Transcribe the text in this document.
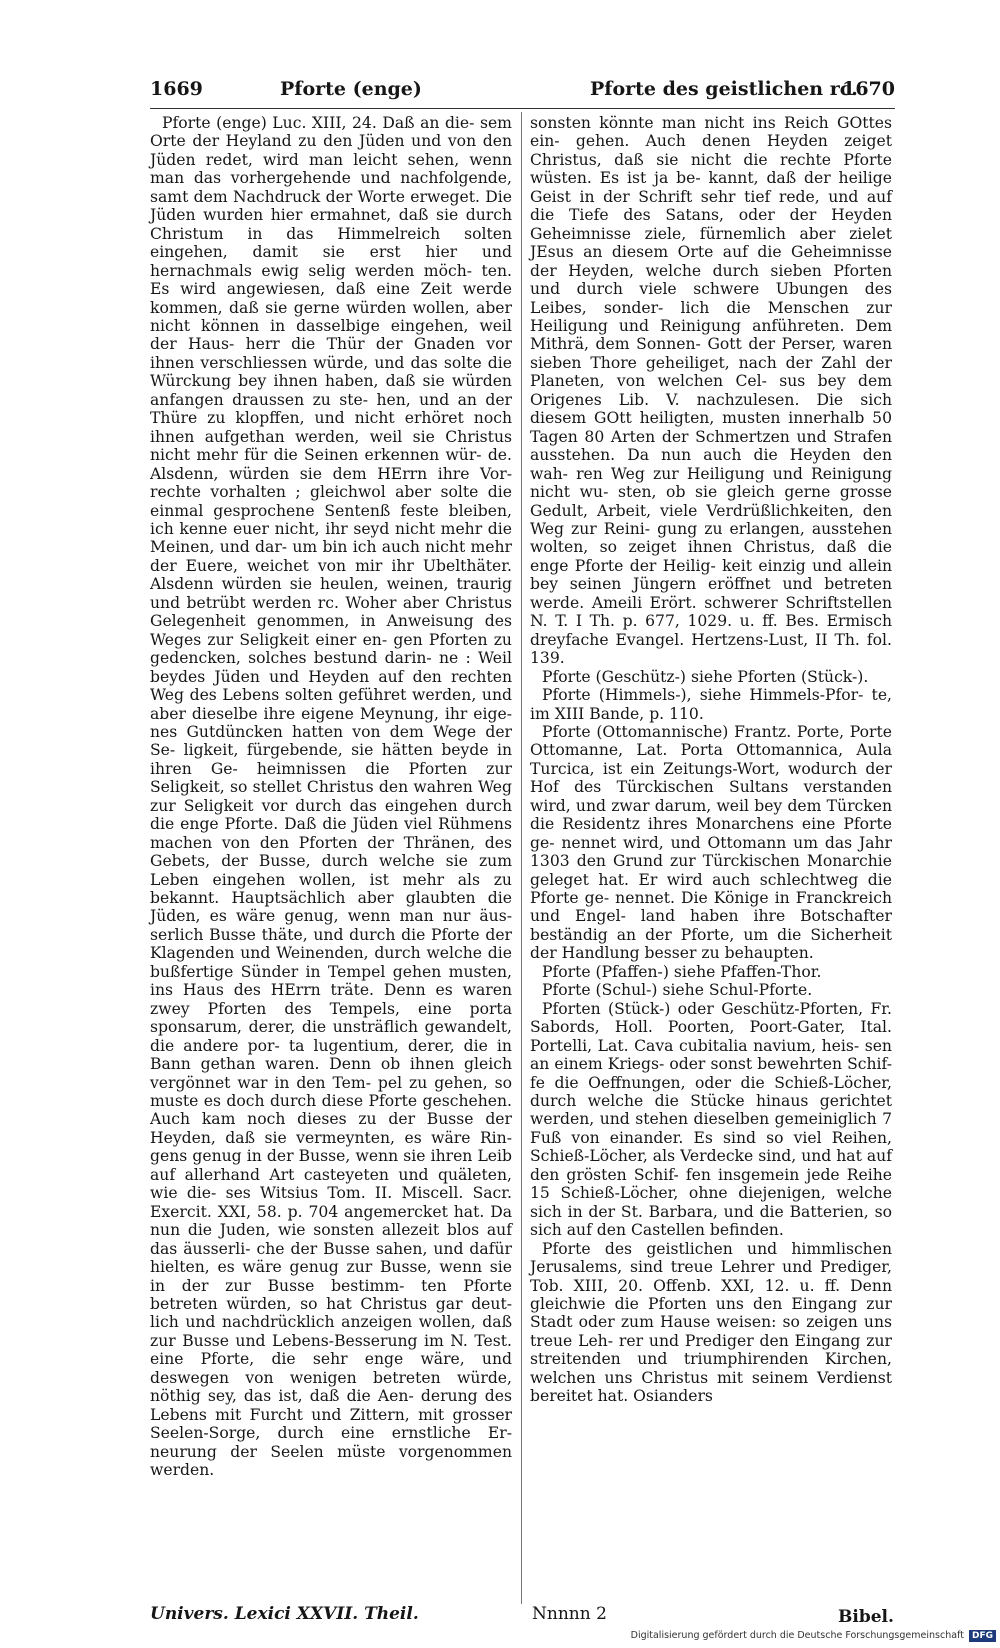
1669	Pforte (enge)	Pforte des geistlichen rc.
1670

Pforte (enge) Luc. XIII, 24. Daß an die- sem Orte der Heyland zu den Jüden und von den Jüden redet, wird man leicht sehen, wenn man das vorhergehende und nachfolgende, samt dem Nachdruck der Worte erweget. Die Jüden wurden hier ermahnet, daß sie durch Christum in das Himmelreich solten eingehen, damit sie erst hier und hernachmals ewig selig werden möch- ten. Es wird angewiesen, daß eine Zeit werde kommen, daß sie gerne würden wollen, aber nicht können in dasselbige eingehen, weil der Haus- herr die Thür der Gnaden vor ihnen verschliessen würde, und das solte die Würckung bey ihnen haben, daß sie würden anfangen draussen zu ste- hen, und an der Thüre zu klopffen, und nicht erhöret noch ihnen aufgethan werden, weil sie Christus nicht mehr für die Seinen erkennen wür- de. Alsdenn, würden sie dem HErrn ihre Vor- rechte vorhalten ; gleichwol aber solte die einmal gesprochene Sentenß feste bleiben, ich kenne euer nicht, ihr seyd nicht mehr die Meinen, und dar- um bin ich auch nicht mehr der Euere, weichet von mir ihr Ubelthäter. Alsdenn würden sie heulen, weinen, traurig und betrübt werden rc. Woher aber Christus Gelegenheit genommen, in Anweisung des Weges zur Seligkeit einer en- gen Pforten zu gedencken, solches bestund darin- ne : Weil beydes Jüden und Heyden auf den rechten Weg des Lebens solten geführet werden, und aber dieselbe ihre eigene Meynung, ihr eige- nes Gutdüncken hatten von dem Wege der Se- ligkeit, fürgebende, sie hätten beyde in ihren Ge- heimnissen die Pforten zur Seligkeit, so stellet Christus den wahren Weg zur Seligkeit vor durch das eingehen durch die enge Pforte. Daß die Jüden viel Rühmens machen von den Pforten der Thränen, des Gebets, der Busse, durch welche sie zum Leben eingehen wollen, ist mehr als zu bekannt. Hauptsächlich aber glaubten die Jüden, es wäre genug, wenn man nur äus- serlich Busse thäte, und durch die Pforte der Klagenden und Weinenden, durch welche die bußfertige Sünder in Tempel gehen musten, ins Haus des HErrn träte. Denn es waren zwey Pforten des Tempels, eine porta sponsarum, derer, die unsträflich gewandelt, die andere por- ta lugentium, derer, die in Bann gethan waren. Denn ob ihnen gleich vergönnet war in den Tem- pel zu gehen, so muste es doch durch diese Pforte geschehen. Auch kam noch dieses zu der Busse der Heyden, daß sie vermeynten, es wäre Rin- gens genug in der Busse, wenn sie ihren Leib auf allerhand Art casteyeten und quäleten, wie die- ses Witsius Tom. II. Miscell. Sacr. Exercit. XXI, 58. p. 704 angemercket hat. Da nun die Juden, wie sonsten allezeit blos auf das äusserli- che der Busse sahen, und dafür hielten, es wäre genug zur Busse, wenn sie in der zur Busse bestimm- ten Pforte betreten würden, so hat Christus gar deut- lich und nachdrücklich anzeigen wollen, daß zur Busse und Lebens-Besserung im N. Test. eine Pforte, die sehr enge wäre, und deswegen von wenigen betreten würde, nöthig sey, das ist, daß die Aen- derung des Lebens mit Furcht und Zittern, mit grosser Seelen-Sorge, durch eine ernstliche Er- neurung der Seelen müste vorgenommen werden.

sonsten könnte man nicht ins Reich GOttes ein- gehen. Auch denen Heyden zeiget Christus, daß sie nicht die rechte Pforte wüsten. Es ist ja be- kannt, daß der heilige Geist in der Schrift sehr tief rede, und auf die Tiefe des Satans, oder der Heyden Geheimnisse ziele, fürnemlich aber zielet JEsus an diesem Orte auf die Geheimnisse der Heyden, welche durch sieben Pforten und durch viele schwere Ubungen des Leibes, sonder- lich die Menschen zur Heiligung und Reinigung anführeten. Dem Mithrä, dem Sonnen- Gott der Perser, waren sieben Thore geheiliget, nach der Zahl der Planeten, von welchen Cel- sus bey dem Origenes Lib. V. nachzulesen. Die sich diesem GOtt heiligten, musten innerhalb 50 Tagen 80 Arten der Schmertzen und Strafen ausstehen. Da nun auch die Heyden den wah- ren Weg zur Heiligung und Reinigung nicht wu- sten, ob sie gleich gerne grosse Gedult, Arbeit, viele Verdrüßlichkeiten, den Weg zur Reini- gung zu erlangen, ausstehen wolten, so zeiget ihnen Christus, daß die enge Pforte der Heilig- keit einzig und allein bey seinen Jüngern eröffnet und betreten werde. Ameili Erört. schwerer Schriftstellen N. T. I Th. p. 677, 1029. u. ff. Bes. Ermisch dreyfache Evangel. Hertzens-Lust, II Th. fol. 139.

Pforte (Geschütz-) siehe Pforten (Stück-).

Pforte (Himmels-), siehe Himmels-Pfor- te, im XIII Bande, p. 110.

Pforte (Ottomannische) Frantz. Porte, Porte Ottomanne, Lat. Porta Ottomannica, Aula Turcica, ist ein Zeitungs-Wort, wodurch der Hof des Türckischen Sultans verstanden wird, und zwar darum, weil bey dem Türcken die Residentz ihres Monarchens eine Pforte ge- nennet wird, und Ottomann um das Jahr 1303 den Grund zur Türckischen Monarchie geleget hat. Er wird auch schlechtweg die Pforte ge- nennet. Die Könige in Franckreich und Engel- land haben ihre Botschafter beständig an der Pforte, um die Sicherheit der Handlung besser zu behaupten.

Pforte (Pfaffen-) siehe Pfaffen-Thor.

Pforte (Schul-) siehe Schul-Pforte.

Pforten (Stück-) oder Geschütz-Pforten, Fr. Sabords, Holl. Poorten, Poort-Gater, Ital. Portelli, Lat. Cava cubitalia navium, heis- sen an einem Kriegs- oder sonst bewehrten Schif- fe die Oeffnungen, oder die Schieß-Löcher, durch welche die Stücke hinaus gerichtet werden, und stehen dieselben gemeiniglich 7 Fuß von einander. Es sind so viel Reihen, Schieß-Löcher, als Verdecke sind, und hat auf den grösten Schif- fen insgemein jede Reihe 15 Schieß-Löcher, ohne diejenigen, welche sich in der St. Barbara, und die Batterien, so sich auf den Castellen befinden.

Pforte des geistlichen und himmlischen Jerusalems, sind treue Lehrer und Prediger, Tob. XIII, 20. Offenb. XXI, 12. u. ff. Denn gleichwie die Pforten uns den Eingang zur Stadt oder zum Hause weisen: so zeigen uns treue Leh- rer und Prediger den Eingang zur streitenden und triumphirenden Kirchen, welchen uns Christus mit seinem Verdienst bereitet hat. Osianders

Univers. Lexici XXVII. Theil.	Nnnnn 2	Bibel.
Digitalisierung gefördert durch die Deutsche Forschungsgemeinschaft DFG
